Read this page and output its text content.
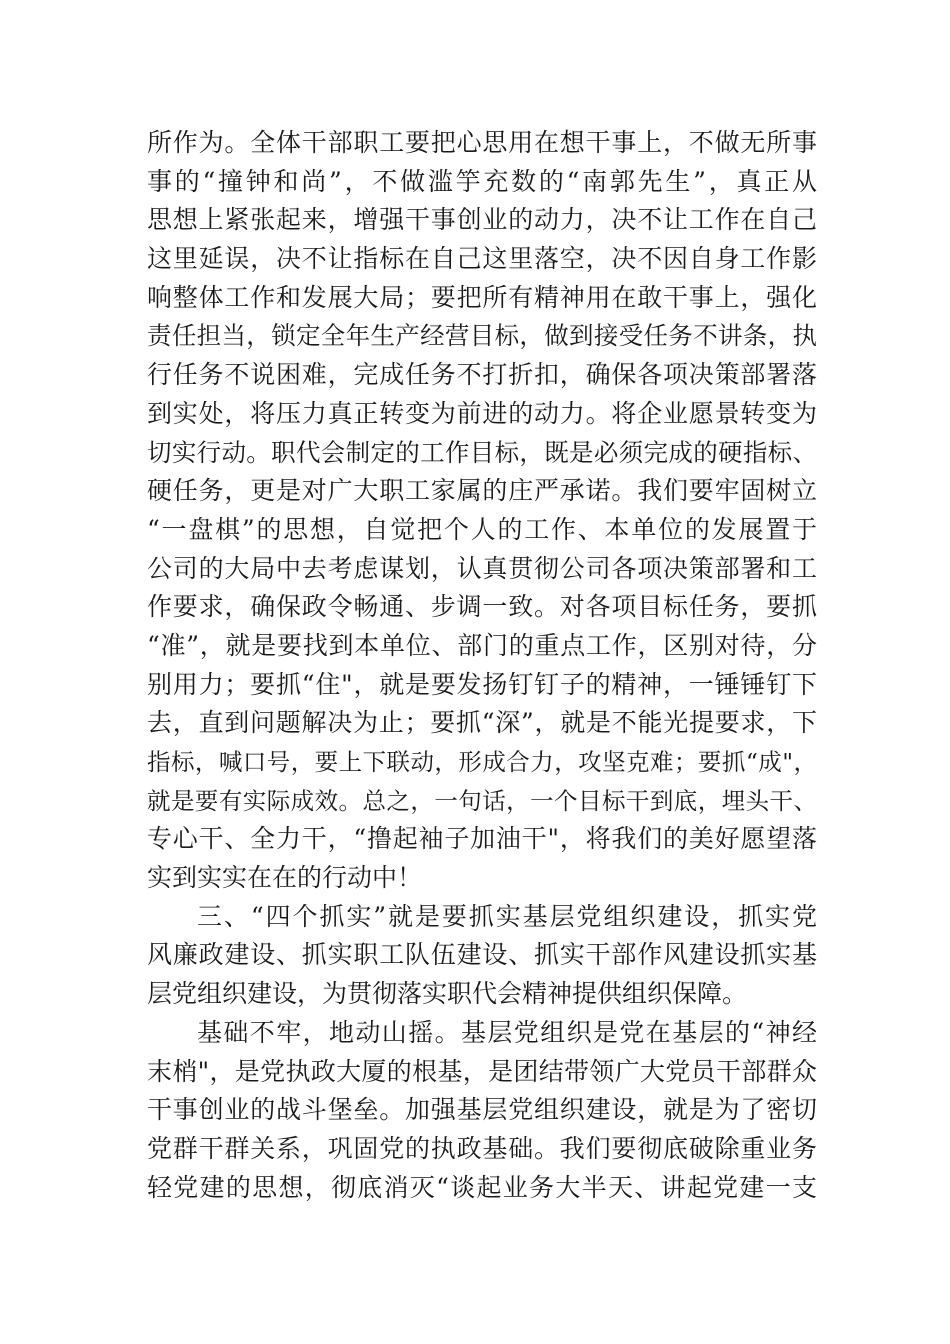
所作为。全体干部职工要把心思用在想干事上，不做无所事
事的“撞钟和尚”，不做滥竽充数的“南郭先生”，真正从
思想上紧张起来，增强干事创业的动力，决不让工作在自己
这里延误，决不让指标在自己这里落空，决不因自身工作影
响整体工作和发展大局；要把所有精神用在敢干事上，强化
责任担当，锁定全年生产经营目标，做到接受任务不讲条，执
行任务不说困难，完成任务不打折扣，确保各项决策部署落
到实处，将压力真正转变为前进的动力。将企业愿景转变为
切实行动。职代会制定的工作目标，既是必须完成的硬指标、
硬任务，更是对广大职工家属的庄严承诺。我们要牢固树立
“一盘棋”的思想，自觉把个人的工作、本单位的发展置于
公司的大局中去考虑谋划，认真贯彻公司各项决策部署和工
作要求，确保政令畅通、步调一致。对各项目标任务，要抓
“准”，就是要找到本单位、部门的重点工作，区别对待，分
别用力；要抓“住"，就是要发扬钉钉子的精神，一锤锤钉下
去，直到问题解决为止；要抓“深”，就是不能光提要求，下
指标，喊口号，要上下联动，形成合力，攻坚克难；要抓“成"，
就是要有实际成效。总之，一句话，一个目标干到底，埋头干、
专心干、全力干，“撸起袖子加油干"，将我们的美好愿望落
实到实实在在的行动中！
三、“四个抓实”就是要抓实基层党组织建设，抓实党
风廉政建设、抓实职工队伍建设、抓实干部作风建设抓实基
层党组织建设，为贯彻落实职代会精神提供组织保障。
基础不牢，地动山摇。基层党组织是党在基层的“神经
末梢"，是党执政大厦的根基，是团结带领广大党员干部群众
干事创业的战斗堡垒。加强基层党组织建设，就是为了密切
党群干群关系，巩固党的执政基础。我们要彻底破除重业务
轻党建的思想，彻底消灭“谈起业务大半天、讲起党建一支
